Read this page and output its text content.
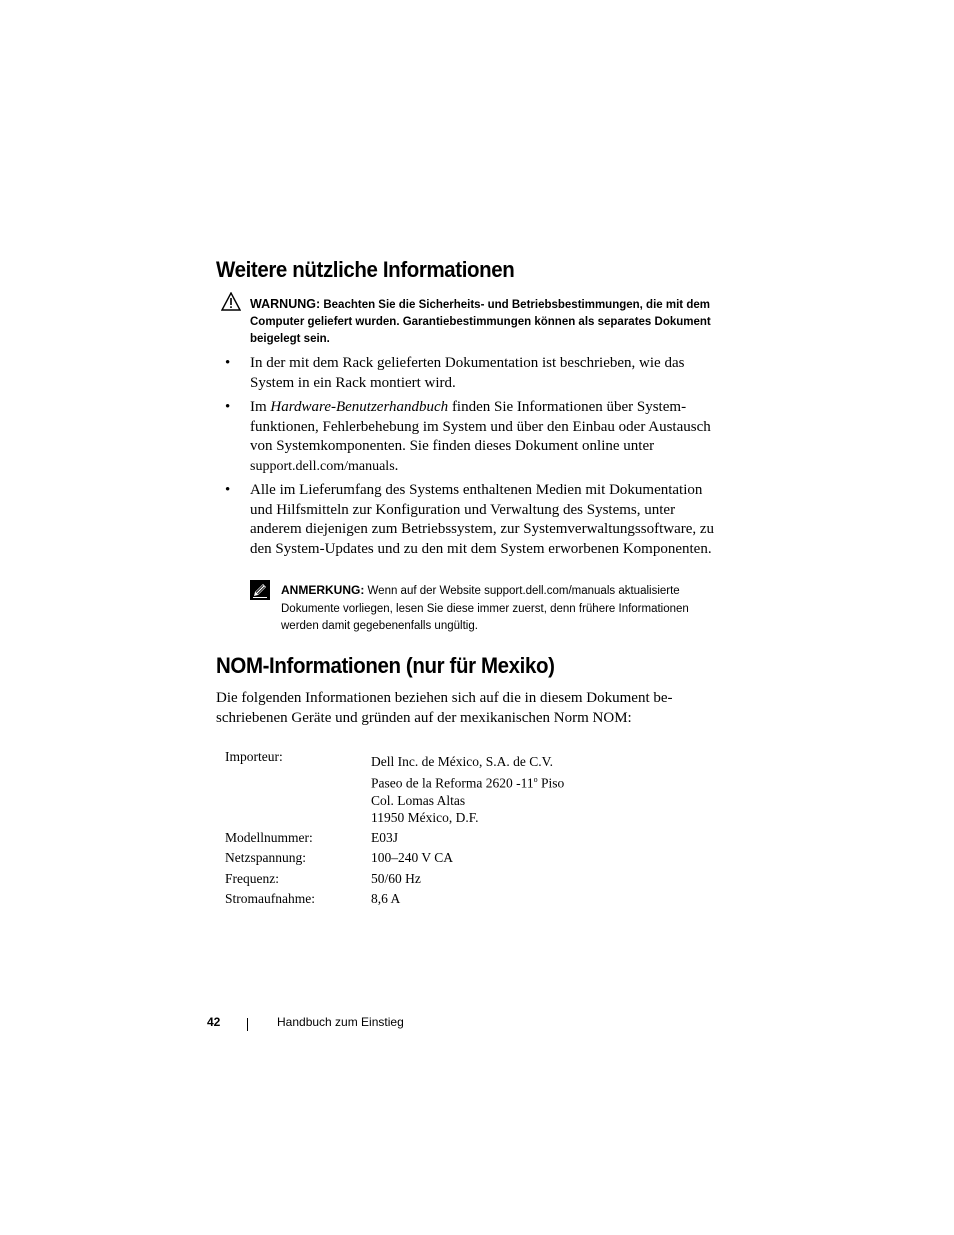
Weitere nützliche Informationen
WARNUNG: Beachten Sie die Sicherheits- und Betriebsbestimmungen, die mit dem Computer geliefert wurden. Garantiebestimmungen können als separates Dokument beigelegt sein.
• In der mit dem Rack gelieferten Dokumentation ist beschrieben, wie das System in ein Rack montiert wird.
• Im Hardware-Benutzerhandbuch finden Sie Informationen über Systemfunktionen, Fehlerbehebung im System und über den Einbau oder Austausch von Systemkomponenten. Sie finden dieses Dokument online unter support.dell.com/manuals.
• Alle im Lieferumfang des Systems enthaltenen Medien mit Dokumentation und Hilfsmitteln zur Konfiguration und Verwaltung des Systems, unter anderem diejenigen zum Betriebssystem, zur Systemverwaltungssoftware, zu den System-Updates und zu den mit dem System erworbenen Komponenten.
ANMERKUNG: Wenn auf der Website support.dell.com/manuals aktualisierte Dokumente vorliegen, lesen Sie diese immer zuerst, denn frühere Informationen werden damit gegebenenfalls ungültig.
NOM-Informationen (nur für Mexiko)

Die folgenden Informationen beziehen sich auf die in diesem Dokument beschriebenen Geräte und gründen auf der mexikanischen Norm NOM:

Importeur:	Dell Inc. de México, S.A. de C.V.
Paseo de la Reforma 2620 -11$^o$ Piso
Col. Lomas Altas
11950 México, D.F.
Modellnummer:	E03J
Netzspannung:	100–240 V CA
Frequenz:	50/60 Hz
Stromaufnahme:	8,6 A
42	Handbuch zum Einstieg
